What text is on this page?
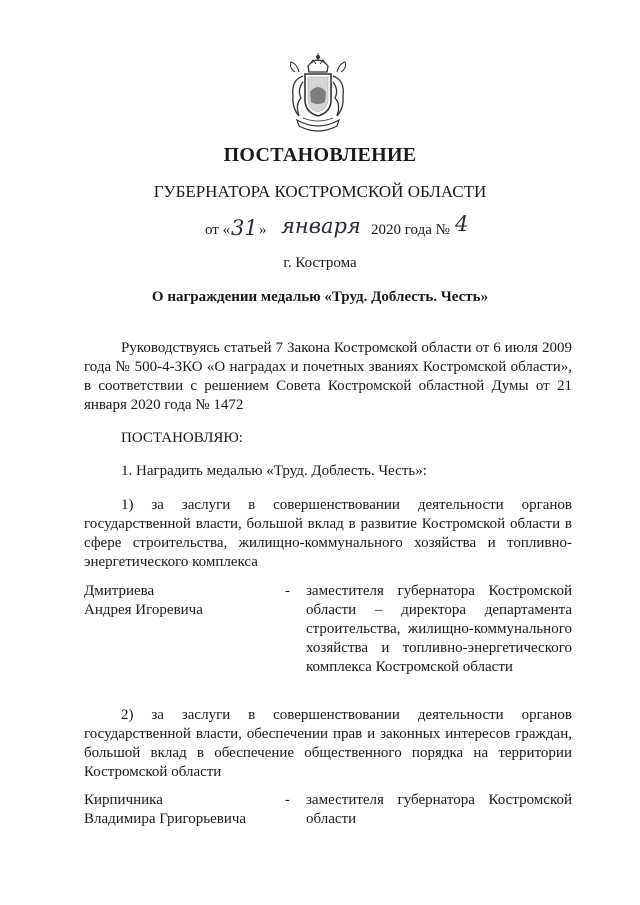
ПОСТАНОВЛЕНИЕ
ГУБЕРНАТОРА КОСТРОМСКОЙ ОБЛАСТИ
от « 31 » января 2020 года № 4
г. Кострома
О награждении медалью «Труд. Доблесть. Честь»

Руководствуясь статьей 7 Закона Костромской области от 6 июля 2009 года № 500-4-ЗКО «О наградах и почетных званиях Костромской области», в соответствии с решением Совета Костромской областной Думы от 21 января 2020 года № 1472

ПОСТАНОВЛЯЮ:

1. Наградить медалью «Труд. Доблесть. Честь»:

1) за заслуги в совершенствовании деятельности органов государственной власти, большой вклад в развитие Костромской области в сфере строительства, жилищно-коммунального хозяйства и топливно-энергетического комплекса

Дмитриева
Андрея Игоревича
- заместителя губернатора Костромской области – директора департамента строительства, жилищно-коммунального хозяйства и топливно-энергетического комплекса Костромской области

2) за заслуги в совершенствовании деятельности органов государственной власти, обеспечении прав и законных интересов граждан, большой вклад в обеспечение общественного порядка на территории Костромской области

Кирпичника
Владимира Григорьевича
- заместителя губернатора Костромской области
